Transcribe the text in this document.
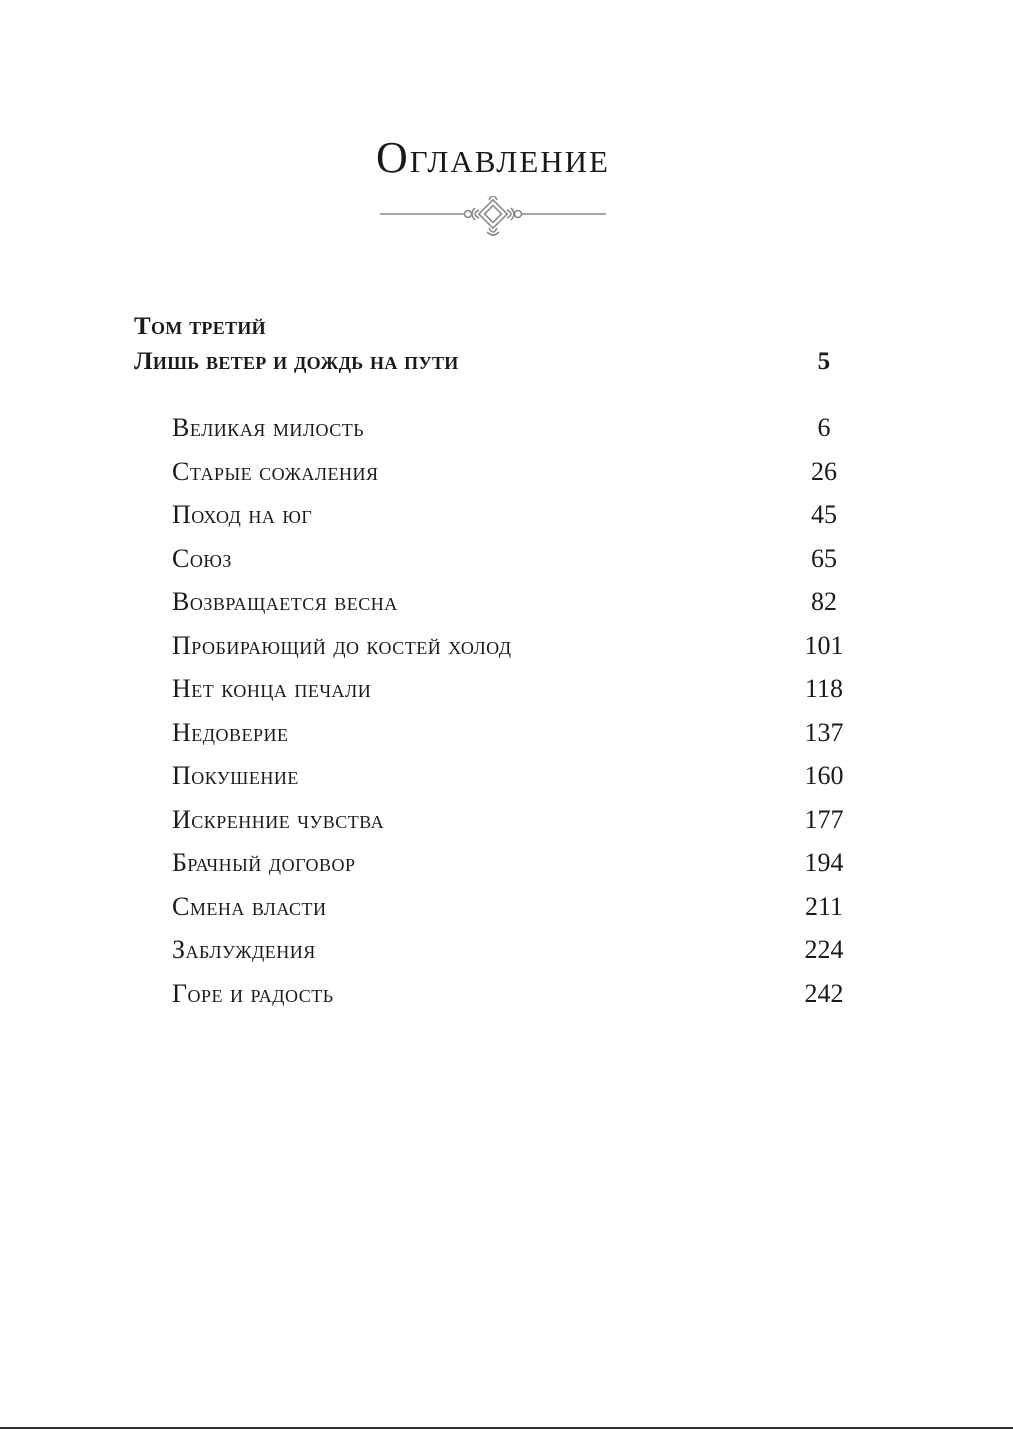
Оглавление
Том третий
Лишь ветер и дождь на пути	5
Великая милость	6
Старые сожаления	26
Поход на юг	45
Союз	65
Возвращается весна	82
Пробирающий до костей холод	101
Нет конца печали	118
Недоверие	137
Покушение	160
Искренние чувства	177
Брачный договор	194
Смена власти	211
Заблуждения	224
Горе и радость	242
